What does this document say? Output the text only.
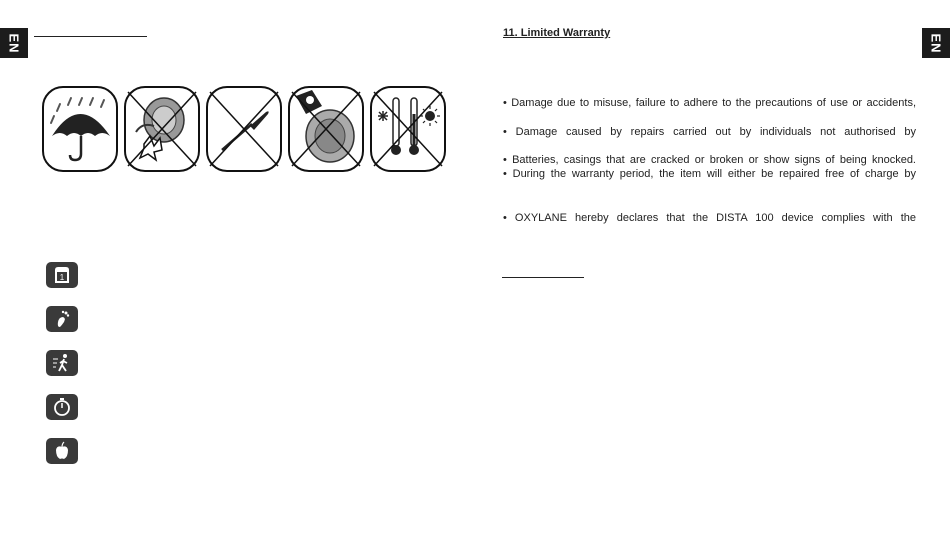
EN
1
EN

11. Limited Warranty

• Damage due to misuse, failure to adhere to the precautions of use or accidents,

• Damage caused by repairs carried out by individuals not authorised by

• Batteries, casings that are cracked or broken or show signs of being knocked.

• During the warranty period, the item will either be repaired free of charge by

• OXYLANE hereby declares that the DISTA 100 device complies with the
